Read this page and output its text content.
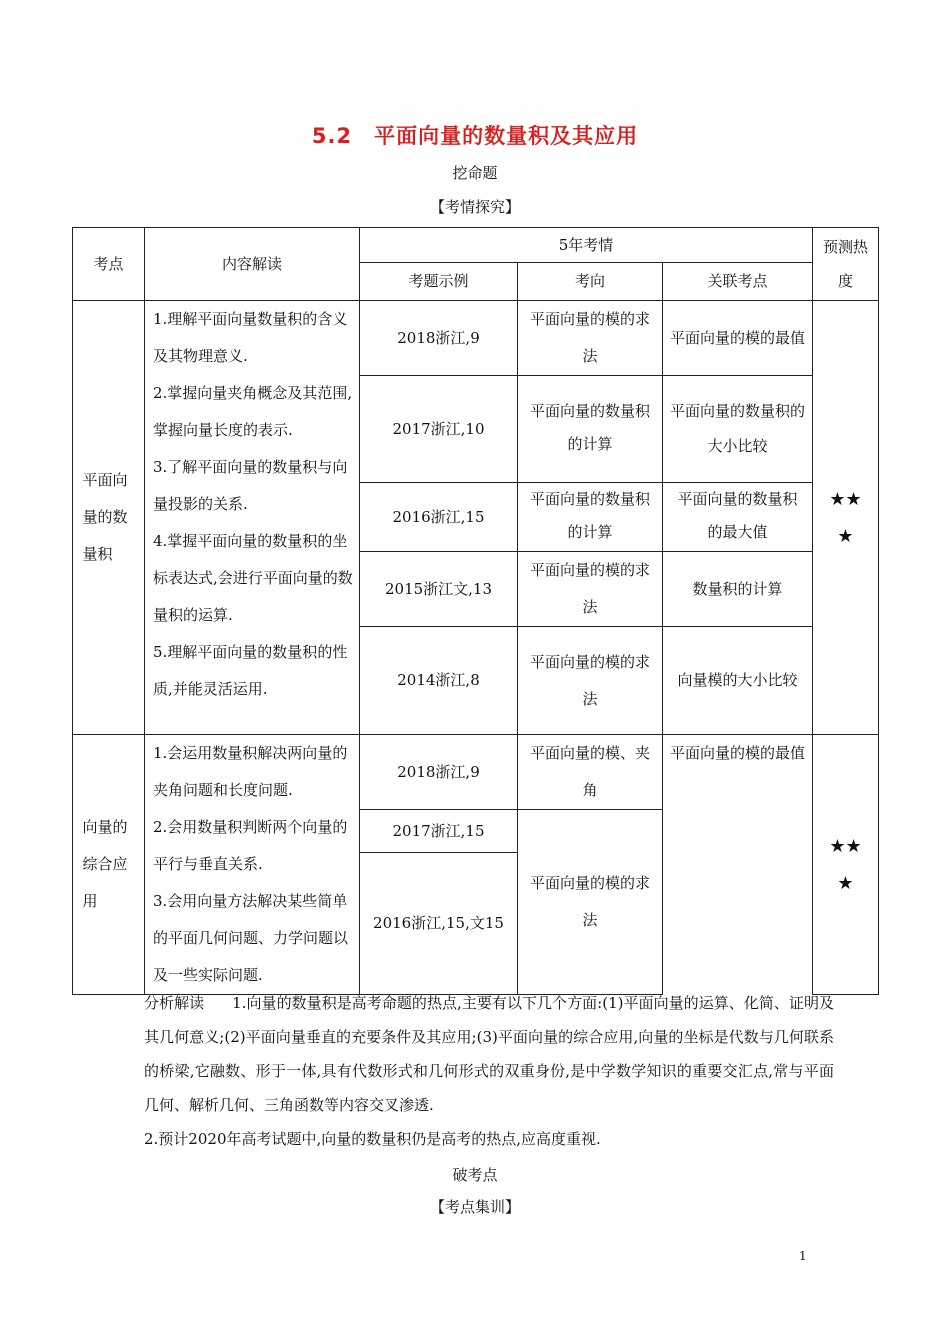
5.2 平面向量的数量积及其应用
挖命题
【考情探究】
考点	内容解读	5年考情			预测热度
		考题示例	考向	关联考点	
平面向量的数量积	1.理解平面向量数量积的含义及其物理意义.
2.掌握向量夹角概念及其范围,掌握向量长度的表示.
3.了解平面向量的数量积与向量投影的关系.
4.掌握平面向量的数量积的坐标表达式,会进行平面向量的数量积的运算.
5.理解平面向量的数量积的性质,并能灵活运用.	2018浙江,9	平面向量的模的求法	平面向量的模的最值	★★★
		2017浙江,10	平面向量的数量积的计算	平面向量的数量积的大小比较	
		2016浙江,15	平面向量的数量积的计算	平面向量的数量积的最大值	
		2015浙江文,13	平面向量的模的求法	数量积的计算	
		2014浙江,8	平面向量的模的求法	向量模的大小比较	
向量的综合应用	1.会运用数量积解决两向量的夹角问题和长度问题.
2.会用数量积判断两个向量的平行与垂直关系.
3.会用向量方法解决某些简单的平面几何问题、力学问题以及一些实际问题.	2018浙江,9	平面向量的模、夹角	平面向量的模的最值	★★★
		2017浙江,15	平面向量的模的求法		
		2016浙江,15,文15			
分析解读 1.向量的数量积是高考命题的热点,主要有以下几个方面:(1)平面向量的运算、化简、证明及其几何意义;(2)平面向量垂直的充要条件及其应用;(3)平面向量的综合应用,向量的坐标是代数与几何联系的桥梁,它融数、形于一体,具有代数形式和几何形式的双重身份,是中学数学知识的重要交汇点,常与平面几何、解析几何、三角函数等内容交叉渗透.
2.预计2020年高考试题中,向量的数量积仍是高考的热点,应高度重视.
破考点
【考点集训】
1
